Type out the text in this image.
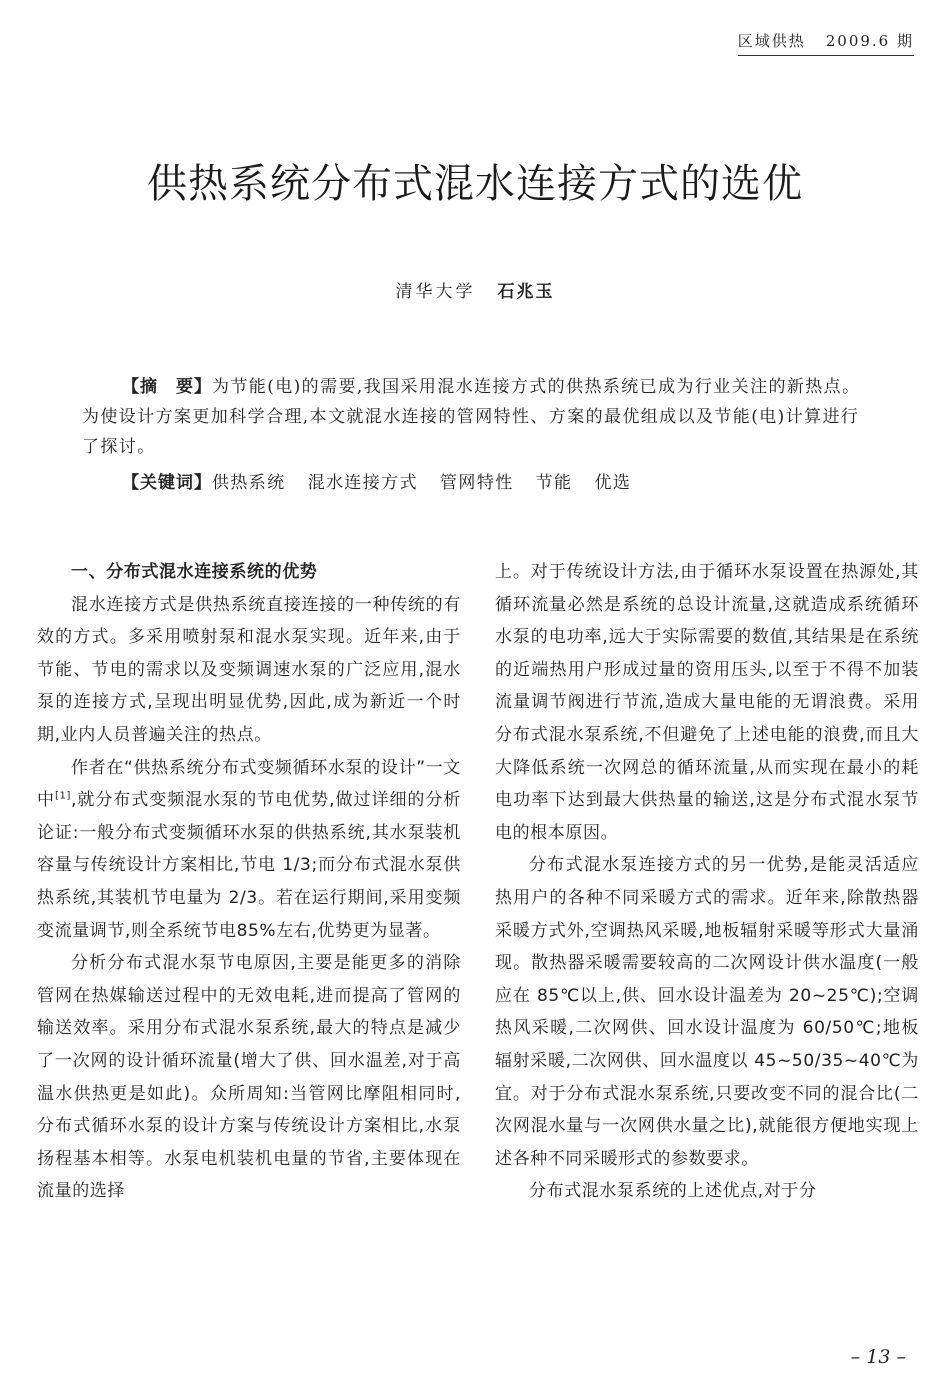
区域供热 2009.6 期
供热系统分布式混水连接方式的选优
清华大学 石兆玉

【摘　要】为节能(电)的需要,我国采用混水连接方式的供热系统已成为行业关注的新热点。为使设计方案更加科学合理,本文就混水连接的管网特性、方案的最优组成以及节能(电)计算进行了探讨。

【关键词】供热系统 混水连接方式 管网特性 节能 优选

一、分布式混水连接系统的优势

混水连接方式是供热系统直接连接的一种传统的有效的方式。多采用喷射泵和混水泵实现。近年来,由于节能、节电的需求以及变频调速水泵的广泛应用,混水泵的连接方式,呈现出明显优势,因此,成为新近一个时期,业内人员普遍关注的热点。

作者在“供热系统分布式变频循环水泵的设计”一文中[1],就分布式变频混水泵的节电优势,做过详细的分析论证:一般分布式变频循环水泵的供热系统,其水泵装机容量与传统设计方案相比,节电 1/3;而分布式混水泵供热系统,其装机节电量为 2/3。若在运行期间,采用变频变流量调节,则全系统节电85%左右,优势更为显著。

分析分布式混水泵节电原因,主要是能更多的消除管网在热媒输送过程中的无效电耗,进而提高了管网的输送效率。采用分布式混水泵系统,最大的特点是减少了一次网的设计循环流量(增大了供、回水温差,对于高温水供热更是如此)。众所周知:当管网比摩阻相同时,分布式循环水泵的设计方案与传统设计方案相比,水泵扬程基本相等。水泵电机装机电量的节省,主要体现在流量的选择

上。对于传统设计方法,由于循环水泵设置在热源处,其循环流量必然是系统的总设计流量,这就造成系统循环水泵的电功率,远大于实际需要的数值,其结果是在系统的近端热用户形成过量的资用压头,以至于不得不加装流量调节阀进行节流,造成大量电能的无谓浪费。采用分布式混水泵系统,不但避免了上述电能的浪费,而且大大降低系统一次网总的循环流量,从而实现在最小的耗电功率下达到最大供热量的输送,这是分布式混水泵节电的根本原因。

分布式混水泵连接方式的另一优势,是能灵活适应热用户的各种不同采暖方式的需求。近年来,除散热器采暖方式外,空调热风采暖,地板辐射采暖等形式大量涌现。散热器采暖需要较高的二次网设计供水温度(一般应在 85℃以上,供、回水设计温差为 20~25℃);空调热风采暖,二次网供、回水设计温度为 60/50℃;地板辐射采暖,二次网供、回水温度以 45~50/35~40℃为宜。对于分布式混水泵系统,只要改变不同的混合比(二次网混水量与一次网供水量之比),就能很方便地实现上述各种不同采暖形式的参数要求。

分布式混水泵系统的上述优点,对于分

– 13 –
